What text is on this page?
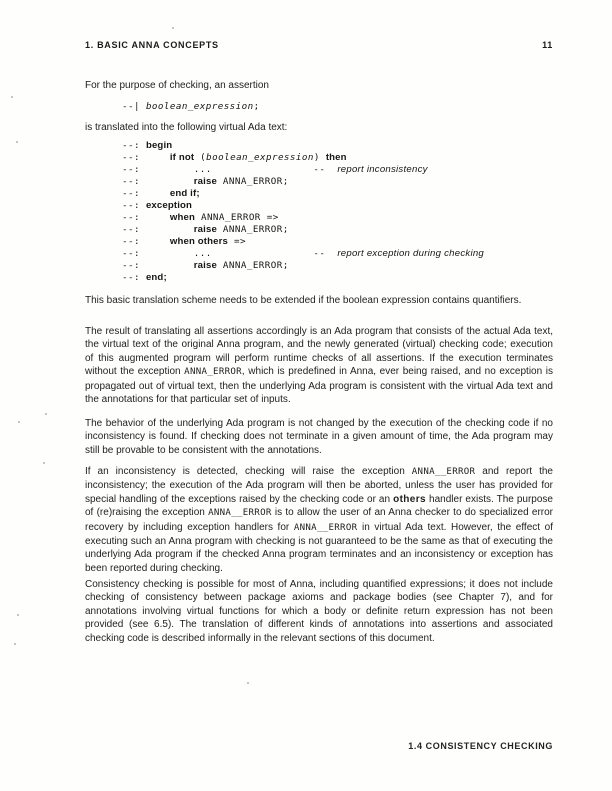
1. BASIC ANNA CONCEPTS	11
For the purpose of checking, an assertion
--| boolean_expression;
is translated into the following virtual Ada text:
--: begin
--:     if not (boolean_expression) then
--:         ...                 --  report inconsistency
--:         raise ANNA_ERROR;
--:     end if;
--: exception
--:     when ANNA_ERROR =>
--:         raise ANNA_ERROR;
--:     when others =>
--:         ...                 --  report exception during checking
--:         raise ANNA_ERROR;
--: end;

This basic translation scheme needs to be extended if the boolean expression contains quantifiers.

The result of translating all assertions accordingly is an Ada program that consists of the actual Ada text, the virtual text of the original Anna program, and the newly generated (virtual) checking code; execution of this augmented program will perform runtime checks of all assertions. If the execution terminates without the exception ANNA_ERROR, which is predefined in Anna, ever being raised, and no exception is propagated out of virtual text, then the underlying Ada program is consistent with the virtual Ada text and the annotations for that particular set of inputs.

The behavior of the underlying Ada program is not changed by the execution of the checking code if no inconsistency is found. If checking does not terminate in a given amount of time, the Ada program may still be provable to be consistent with the annotations.

If an inconsistency is detected, checking will raise the exception ANNA__ERROR and report the inconsistency; the execution of the Ada program will then be aborted, unless the user has provided for special handling of the exceptions raised by the checking code or an others handler exists. The purpose of (re)raising the exception ANNA__ERROR is to allow the user of an Anna checker to do specialized error recovery by including exception handlers for ANNA__ERROR in virtual Ada text. However, the effect of executing such an Anna program with checking is not guaranteed to be the same as that of executing the underlying Ada program if the checked Anna program terminates and an inconsistency or exception has been reported during checking.

Consistency checking is possible for most of Anna, including quantified expressions; it does not include checking of consistency between package axioms and package bodies (see Chapter 7), and for annotations involving virtual functions for which a body or definite return expression has not been provided (see 6.5). The translation of different kinds of annotations into assertions and associated checking code is described informally in the relevant sections of this document.

1.4 CONSISTENCY CHECKING
